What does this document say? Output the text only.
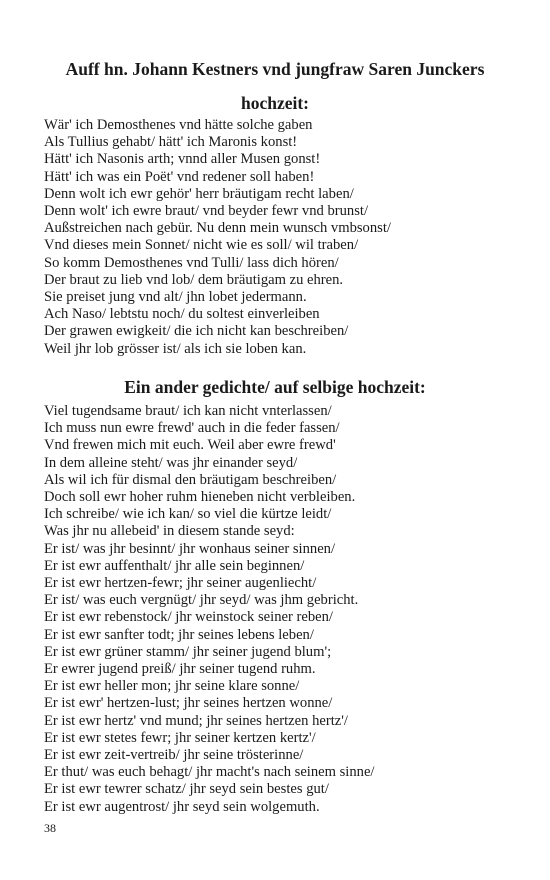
Auff hn. Johann Kestners vnd jungfraw Saren Junckers
hochzeit:
Wär' ich Demosthenes vnd hätte solche gaben
Als Tullius gehabt/ hätt' ich Maronis konst!
Hätt' ich Nasonis arth; vnnd aller Musen gonst!
Hätt' ich was ein Poët' vnd redener soll haben!
Denn wolt ich ewr gehör' herr bräutigam recht laben/
Denn wolt' ich ewre braut/ vnd beyder fewr vnd brunst/
Außstreichen nach gebür. Nu denn mein wunsch vmbsonst/
Vnd dieses mein Sonnet/ nicht wie es soll/ wil traben/
So komm Demosthenes vnd Tulli/ lass dich hören/
Der braut zu lieb vnd lob/ dem bräutigam zu ehren.
Sie preiset jung vnd alt/ jhn lobet jedermann.
Ach Naso/ lebtstu noch/ du soltest einverleiben
Der grawen ewigkeit/ die ich nicht kan beschreiben/
Weil jhr lob grösser ist/ als ich sie loben kan.
Ein ander gedichte/ auf selbige hochzeit:
Viel tugendsame braut/ ich kan nicht vnterlassen/
Ich muss nun ewre frewd' auch in die feder fassen/
Vnd frewen mich mit euch. Weil aber ewre frewd'
In dem alleine steht/ was jhr einander seyd/
Als wil ich für dismal den bräutigam beschreiben/
Doch soll ewr hoher ruhm hieneben nicht verbleiben.
Ich schreibe/ wie ich kan/ so viel die kürtze leidt/
Was jhr nu allebeid' in diesem stande seyd:
Er ist/ was jhr besinnt/ jhr wonhaus seiner sinnen/
Er ist ewr auffenthalt/ jhr alle sein beginnen/
Er ist ewr hertzen-fewr; jhr seiner augenliecht/
Er ist/ was euch vergnügt/ jhr seyd/ was jhm gebricht.
Er ist ewr rebenstock/ jhr weinstock seiner reben/
Er ist ewr sanfter todt; jhr seines lebens leben/
Er ist ewr grüner stamm/ jhr seiner jugend blum';
Er ewrer jugend preiß/ jhr seiner tugend ruhm.
Er ist ewr heller mon; jhr seine klare sonne/
Er ist ewr' hertzen-lust; jhr seines hertzen wonne/
Er ist ewr hertz' vnd mund; jhr seines hertzen hertz'/
Er ist ewr stetes fewr; jhr seiner kertzen kertz'/
Er ist ewr zeit-vertreib/ jhr seine trösterinne/
Er thut/ was euch behagt/ jhr macht's nach seinem sinne/
Er ist ewr tewrer schatz/ jhr seyd sein bestes gut/
Er ist ewr augentrost/ jhr seyd sein wolgemuth.
38
